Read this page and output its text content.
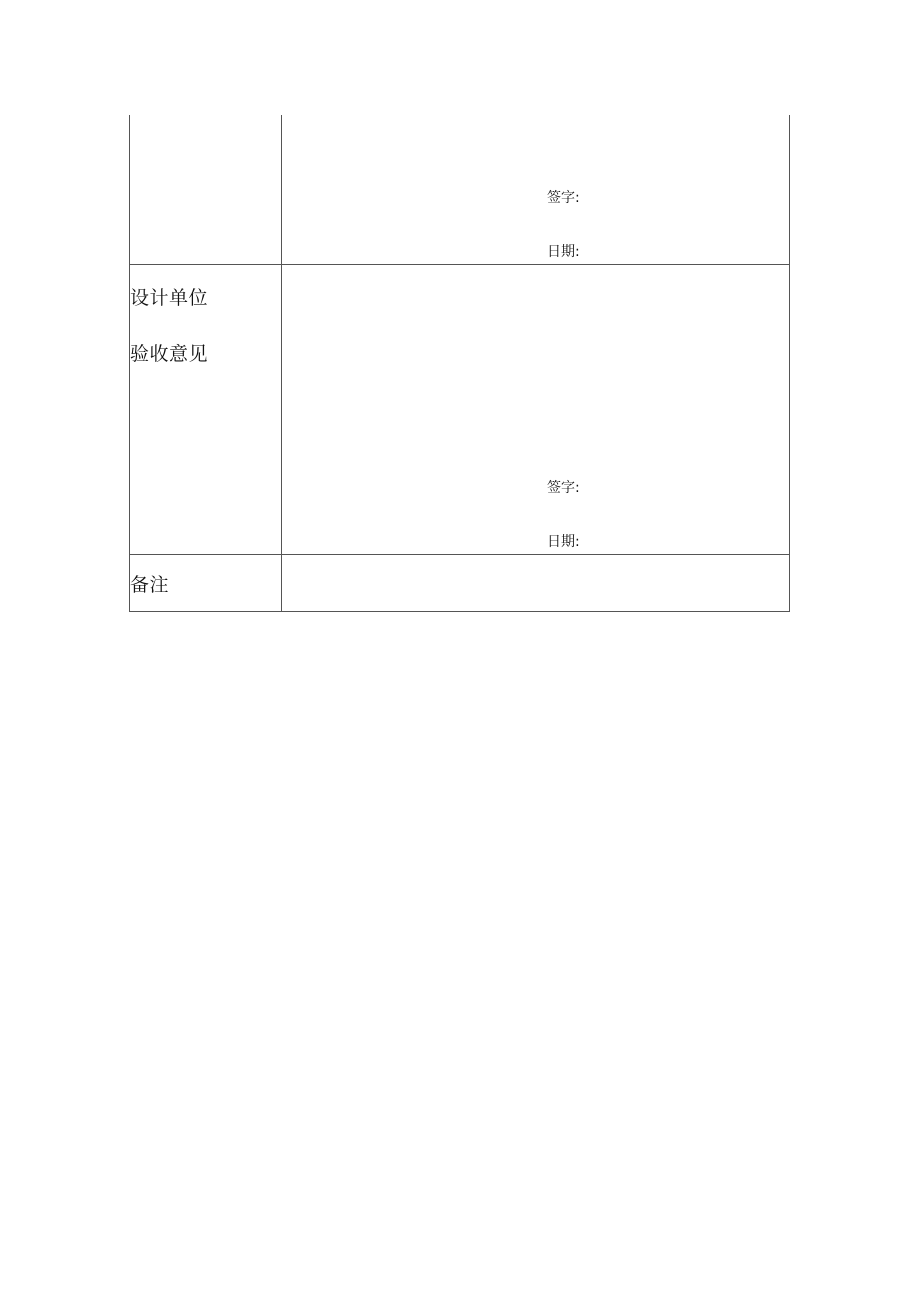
签字:
日期:
设计单位
验收意见
签字:
日期:
备注
